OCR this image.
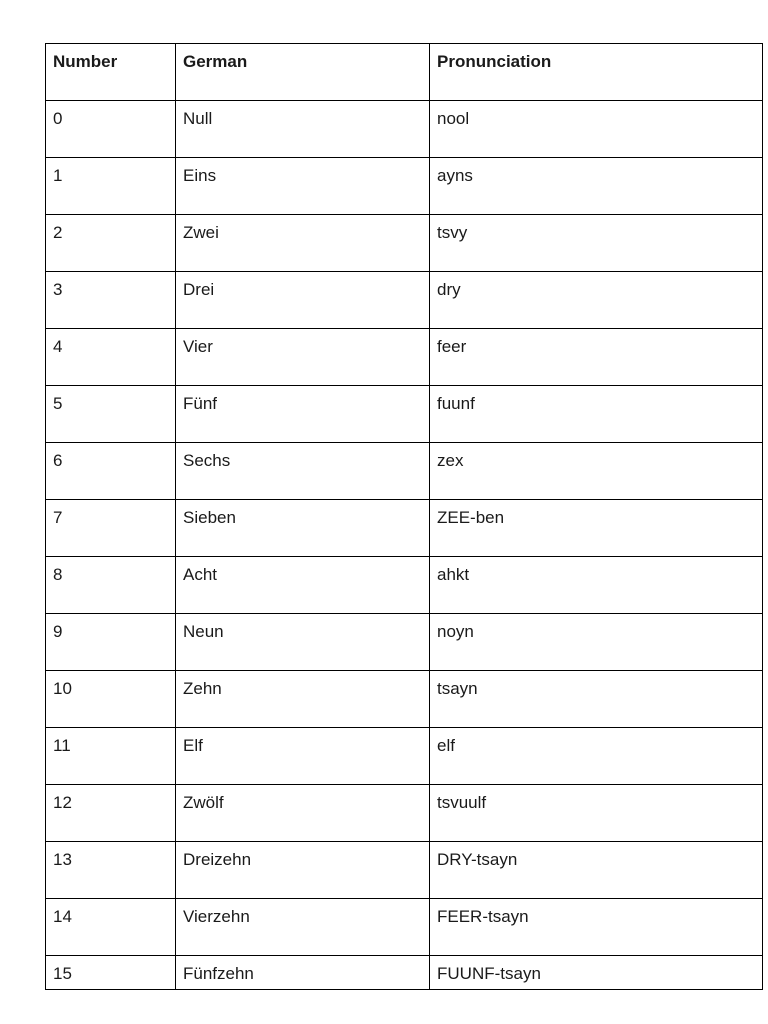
Number	German	Pronunciation
0	Null	nool
1	Eins	ayns
2	Zwei	tsvy
3	Drei	dry
4	Vier	feer
5	Fünf	fuunf
6	Sechs	zex
7	Sieben	ZEE-ben
8	Acht	ahkt
9	Neun	noyn
10	Zehn	tsayn
11	Elf	elf
12	Zwölf	tsvuulf
13	Dreizehn	DRY-tsayn
14	Vierzehn	FEER-tsayn
15	Fünfzehn	FUUNF-tsayn
